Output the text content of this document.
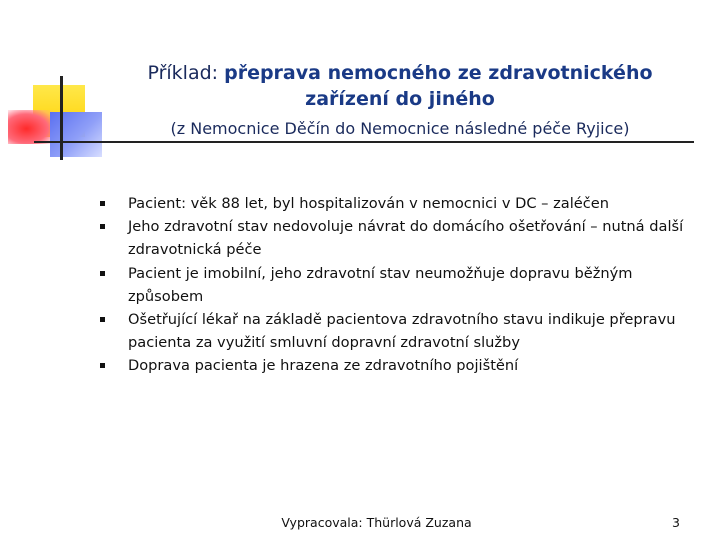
Příklad: přeprava nemocného ze zdravotnického
zařízení do jiného
(z Nemocnice Děčín do Nemocnice následné péče Ryjice)
Pacient: věk 88 let, byl hospitalizován v nemocnici v DC – zaléčen
Jeho zdravotní stav nedovoluje návrat do domácího ošetřování – nutná další zdravotnická péče
Pacient je imobilní, jeho zdravotní stav neumožňuje dopravu běžným způsobem
Ošetřující lékař na základě pacientova zdravotního stavu indikuje přepravu pacienta za využití smluvní dopravní zdravotní služby
Doprava pacienta je hrazena ze zdravotního pojištění
Vypracovala: Thürlová Zuzana	3
